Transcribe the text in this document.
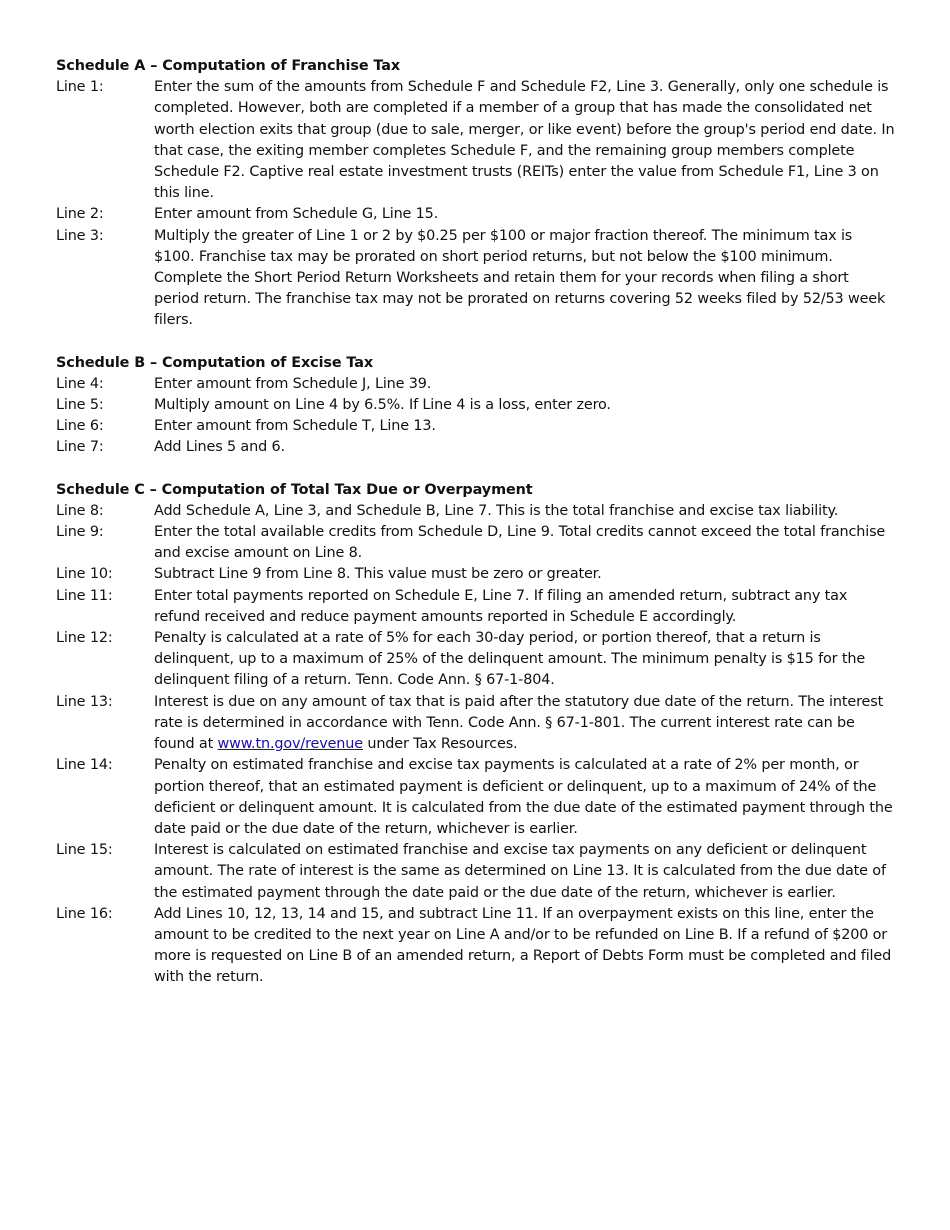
Schedule A – Computation of Franchise Tax
Line 1:	Enter the sum of the amounts from Schedule F and Schedule F2, Line 3. Generally, only one schedule is completed. However, both are completed if a member of a group that has made the consolidated net worth election exits that group (due to sale, merger, or like event) before the group's period end date. In that case, the exiting member completes Schedule F, and the remaining group members complete Schedule F2. Captive real estate investment trusts (REITs) enter the value from Schedule F1, Line 3 on this line.
Line 2:	Enter amount from Schedule G, Line 15.
Line 3:	Multiply the greater of Line 1 or 2 by $0.25 per $100 or major fraction thereof. The minimum tax is $100. Franchise tax may be prorated on short period returns, but not below the $100 minimum. Complete the Short Period Return Worksheets and retain them for your records when filing a short period return. The franchise tax may not be prorated on returns covering 52 weeks filed by 52/53 week filers.
Schedule B – Computation of Excise Tax
Line 4:	Enter amount from Schedule J, Line 39.
Line 5:	Multiply amount on Line 4 by 6.5%. If Line 4 is a loss, enter zero.
Line 6:	Enter amount from Schedule T, Line 13.
Line 7:	Add Lines 5 and 6.
Schedule C – Computation of Total Tax Due or Overpayment
Line 8:	Add Schedule A, Line 3, and Schedule B, Line 7. This is the total franchise and excise tax liability.
Line 9:	Enter the total available credits from Schedule D, Line 9. Total credits cannot exceed the total franchise and excise amount on Line 8.
Line 10:	Subtract Line 9 from Line 8. This value must be zero or greater.
Line 11:	Enter total payments reported on Schedule E, Line 7. If filing an amended return, subtract any tax refund received and reduce payment amounts reported in Schedule E accordingly.
Line 12:	Penalty is calculated at a rate of 5% for each 30-day period, or portion thereof, that a return is delinquent, up to a maximum of 25% of the delinquent amount. The minimum penalty is $15 for the delinquent filing of a return. Tenn. Code Ann. § 67-1-804.
Line 13:	Interest is due on any amount of tax that is paid after the statutory due date of the return. The interest rate is determined in accordance with Tenn. Code Ann. § 67-1-801. The current interest rate can be found at www.tn.gov/revenue under Tax Resources.
Line 14:	Penalty on estimated franchise and excise tax payments is calculated at a rate of 2% per month, or portion thereof, that an estimated payment is deficient or delinquent, up to a maximum of 24% of the deficient or delinquent amount. It is calculated from the due date of the estimated payment through the date paid or the due date of the return, whichever is earlier.
Line 15:	Interest is calculated on estimated franchise and excise tax payments on any deficient or delinquent amount. The rate of interest is the same as determined on Line 13. It is calculated from the due date of the estimated payment through the date paid or the due date of the return, whichever is earlier.
Line 16:	Add Lines 10, 12, 13, 14 and 15, and subtract Line 11. If an overpayment exists on this line, enter the amount to be credited to the next year on Line A and/or to be refunded on Line B. If a refund of $200 or more is requested on Line B of an amended return, a Report of Debts Form must be completed and filed with the return.
